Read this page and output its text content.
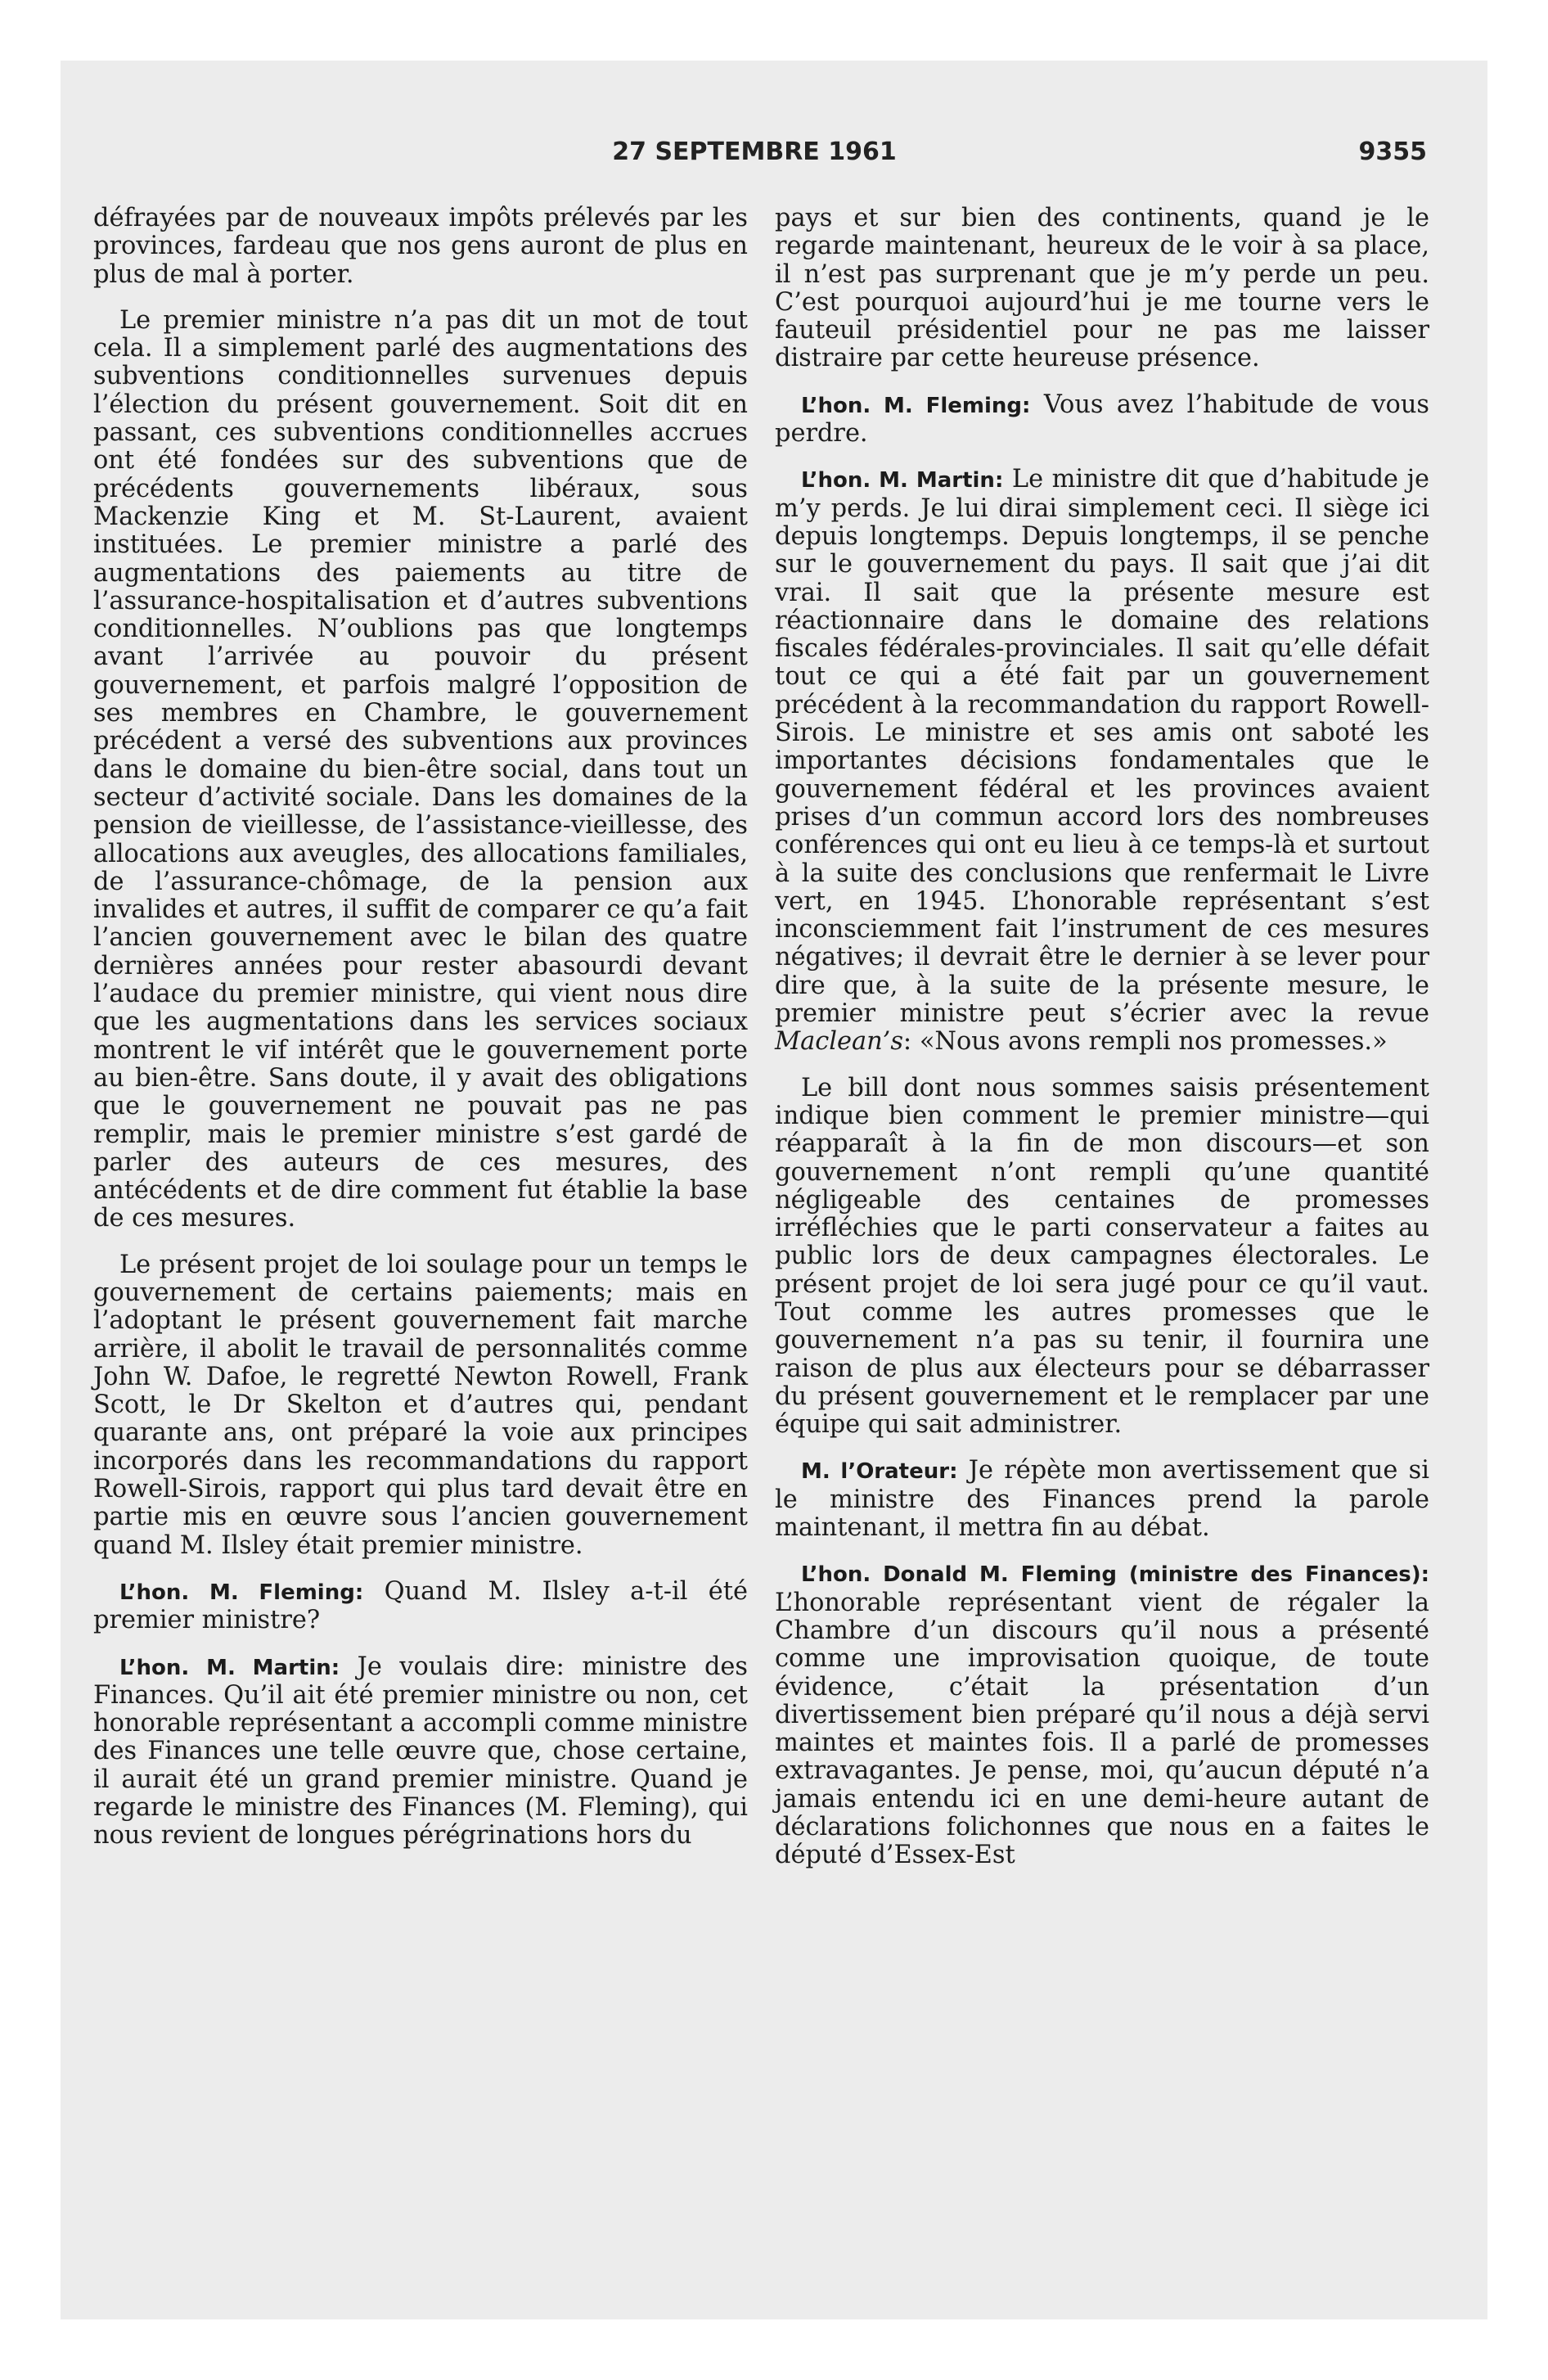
27 SEPTEMBRE 1961	9355

défrayées par de nouveaux impôts prélevés par les provinces, fardeau que nos gens auront de plus en plus de mal à porter.

Le premier ministre n’a pas dit un mot de tout cela. Il a simplement parlé des augmentations des subventions conditionnelles survenues depuis l’élection du présent gouvernement. Soit dit en passant, ces subventions conditionnelles accrues ont été fondées sur des subventions que de précédents gouvernements libéraux, sous Mackenzie King et M. St-Laurent, avaient instituées. Le premier ministre a parlé des augmentations des paiements au titre de l’assurance-hospitalisation et d’autres subventions conditionnelles. N’oublions pas que longtemps avant l’arrivée au pouvoir du présent gouvernement, et parfois malgré l’opposition de ses membres en Chambre, le gouvernement précédent a versé des subventions aux provinces dans le domaine du bien-être social, dans tout un secteur d’activité sociale. Dans les domaines de la pension de vieillesse, de l’assistance-vieillesse, des allocations aux aveugles, des allocations familiales, de l’assurance-chômage, de la pension aux invalides et autres, il suffit de comparer ce qu’a fait l’ancien gouvernement avec le bilan des quatre dernières années pour rester abasourdi devant l’audace du premier ministre, qui vient nous dire que les augmentations dans les services sociaux montrent le vif intérêt que le gouvernement porte au bien-être. Sans doute, il y avait des obligations que le gouvernement ne pouvait pas ne pas remplir, mais le premier ministre s’est gardé de parler des auteurs de ces mesures, des antécédents et de dire comment fut établie la base de ces mesures.

Le présent projet de loi soulage pour un temps le gouvernement de certains paiements; mais en l’adoptant le présent gouvernement fait marche arrière, il abolit le travail de personnalités comme John W. Dafoe, le regretté Newton Rowell, Frank Scott, le Dr Skelton et d’autres qui, pendant quarante ans, ont préparé la voie aux principes incorporés dans les recommandations du rapport Rowell-Sirois, rapport qui plus tard devait être en partie mis en œuvre sous l’ancien gouvernement quand M. Ilsley était premier ministre.

L’hon. M. Fleming: Quand M. Ilsley a-t-il été premier ministre?

L’hon. M. Martin: Je voulais dire: ministre des Finances. Qu’il ait été premier ministre ou non, cet honorable représentant a accompli comme ministre des Finances une telle œuvre que, chose certaine, il aurait été un grand premier ministre. Quand je regarde le ministre des Finances (M. Fleming), qui nous revient de longues pérégrinations hors du

pays et sur bien des continents, quand je le regarde maintenant, heureux de le voir à sa place, il n’est pas surprenant que je m’y perde un peu. C’est pourquoi aujourd’hui je me tourne vers le fauteuil présidentiel pour ne pas me laisser distraire par cette heureuse présence.

L’hon. M. Fleming: Vous avez l’habitude de vous perdre.

L’hon. M. Martin: Le ministre dit que d’habitude je m’y perds. Je lui dirai simplement ceci. Il siège ici depuis longtemps. Depuis longtemps, il se penche sur le gouvernement du pays. Il sait que j’ai dit vrai. Il sait que la présente mesure est réactionnaire dans le domaine des relations fiscales fédérales-provinciales. Il sait qu’elle défait tout ce qui a été fait par un gouvernement précédent à la recommandation du rapport Rowell-Sirois. Le ministre et ses amis ont saboté les importantes décisions fondamentales que le gouvernement fédéral et les provinces avaient prises d’un commun accord lors des nombreuses conférences qui ont eu lieu à ce temps-là et surtout à la suite des conclusions que renfermait le Livre vert, en 1945. L’honorable représentant s’est inconsciemment fait l’instrument de ces mesures négatives; il devrait être le dernier à se lever pour dire que, à la suite de la présente mesure, le premier ministre peut s’écrier avec la revue Maclean’s: «Nous avons rempli nos promesses.»

Le bill dont nous sommes saisis présentement indique bien comment le premier ministre—qui réapparaît à la fin de mon discours—et son gouvernement n’ont rempli qu’une quantité négligeable des centaines de promesses irréfléchies que le parti conservateur a faites au public lors de deux campagnes électorales. Le présent projet de loi sera jugé pour ce qu’il vaut. Tout comme les autres promesses que le gouvernement n’a pas su tenir, il fournira une raison de plus aux électeurs pour se débarrasser du présent gouvernement et le remplacer par une équipe qui sait administrer.

M. l’Orateur: Je répète mon avertissement que si le ministre des Finances prend la parole maintenant, il mettra fin au débat.

L’hon. Donald M. Fleming (ministre des Finances): L’honorable représentant vient de régaler la Chambre d’un discours qu’il nous a présenté comme une improvisation quoique, de toute évidence, c’était la présentation d’un divertissement bien préparé qu’il nous a déjà servi maintes et maintes fois. Il a parlé de promesses extravagantes. Je pense, moi, qu’aucun député n’a jamais entendu ici en une demi-heure autant de déclarations folichonnes que nous en a faites le député d’Essex-Est
